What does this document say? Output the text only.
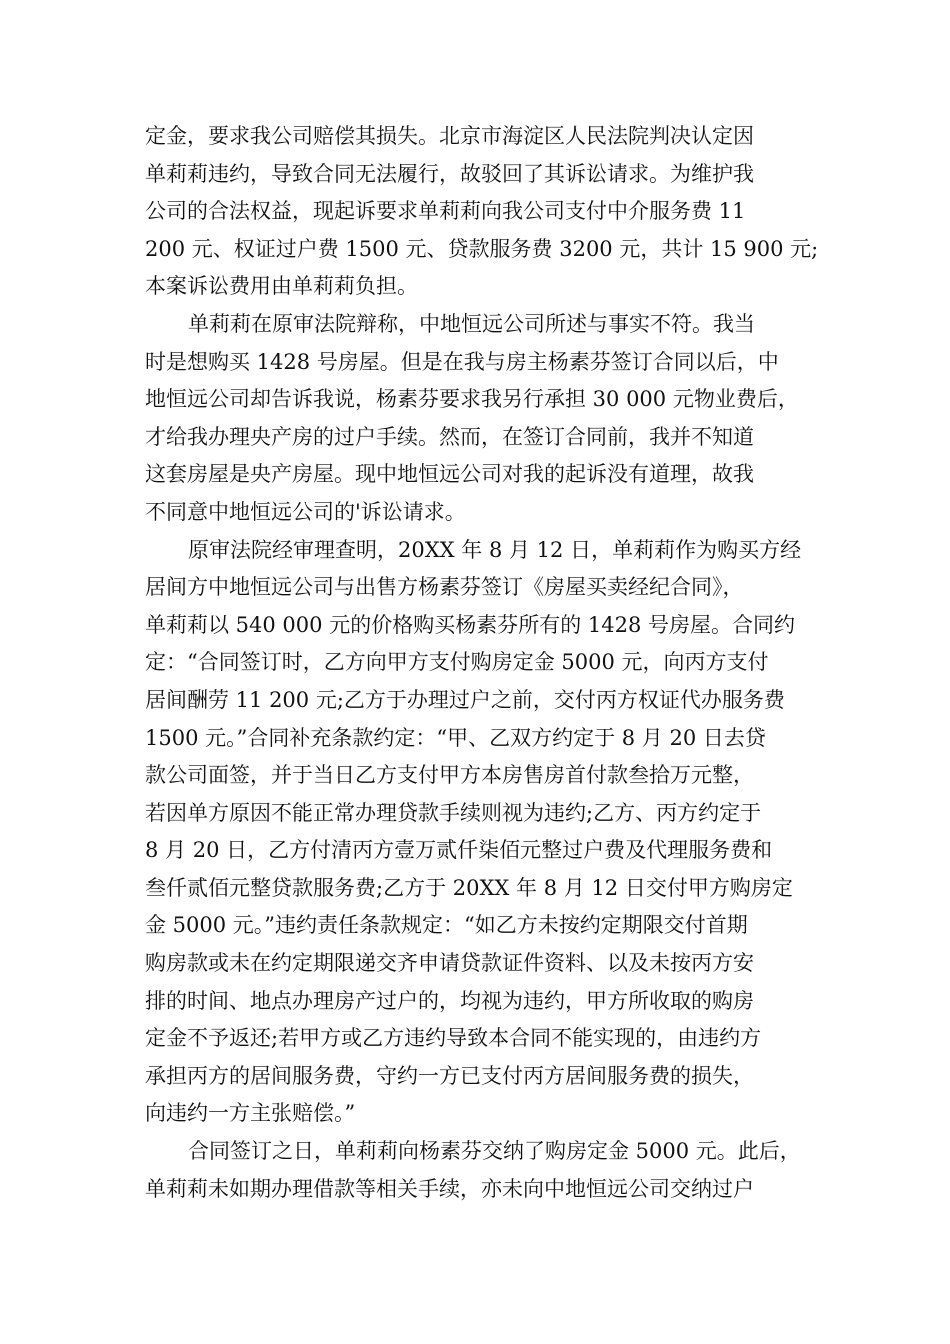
定金，要求我公司赔偿其损失。北京市海淀区人民法院判决认定因
单莉莉违约，导致合同无法履行，故驳回了其诉讼请求。为维护我
公司的合法权益，现起诉要求单莉莉向我公司支付中介服务费 11
200 元、权证过户费 1500 元、贷款服务费 3200 元，共计 15 900 元;
本案诉讼费用由单莉莉负担。
单莉莉在原审法院辩称，中地恒远公司所述与事实不符。我当
时是想购买 1428 号房屋。但是在我与房主杨素芬签订合同以后，中
地恒远公司却告诉我说，杨素芬要求我另行承担 30 000 元物业费后，
才给我办理央产房的过户手续。然而，在签订合同前，我并不知道
这套房屋是央产房屋。现中地恒远公司对我的起诉没有道理，故我
不同意中地恒远公司的'诉讼请求。
原审法院经审理查明，20XX 年 8 月 12 日，单莉莉作为购买方经
居间方中地恒远公司与出售方杨素芬签订《房屋买卖经纪合同》，
单莉莉以 540 000 元的价格购买杨素芬所有的 1428 号房屋。合同约
定：“合同签订时，乙方向甲方支付购房定金 5000 元，向丙方支付
居间酬劳 11 200 元;乙方于办理过户之前，交付丙方权证代办服务费
1500 元。”合同补充条款约定：“甲、乙双方约定于 8 月 20 日去贷
款公司面签，并于当日乙方支付甲方本房售房首付款叁拾万元整，
若因单方原因不能正常办理贷款手续则视为违约;乙方、丙方约定于
8 月 20 日，乙方付清丙方壹万贰仟柒佰元整过户费及代理服务费和
叁仟贰佰元整贷款服务费;乙方于 20XX 年 8 月 12 日交付甲方购房定
金 5000 元。”违约责任条款规定：“如乙方未按约定期限交付首期
购房款或未在约定期限递交齐申请贷款证件资料、以及未按丙方安
排的时间、地点办理房产过户的，均视为违约，甲方所收取的购房
定金不予返还;若甲方或乙方违约导致本合同不能实现的，由违约方
承担丙方的居间服务费，守约一方已支付丙方居间服务费的损失，
向违约一方主张赔偿。”
合同签订之日，单莉莉向杨素芬交纳了购房定金 5000 元。此后，
单莉莉未如期办理借款等相关手续，亦未向中地恒远公司交纳过户
